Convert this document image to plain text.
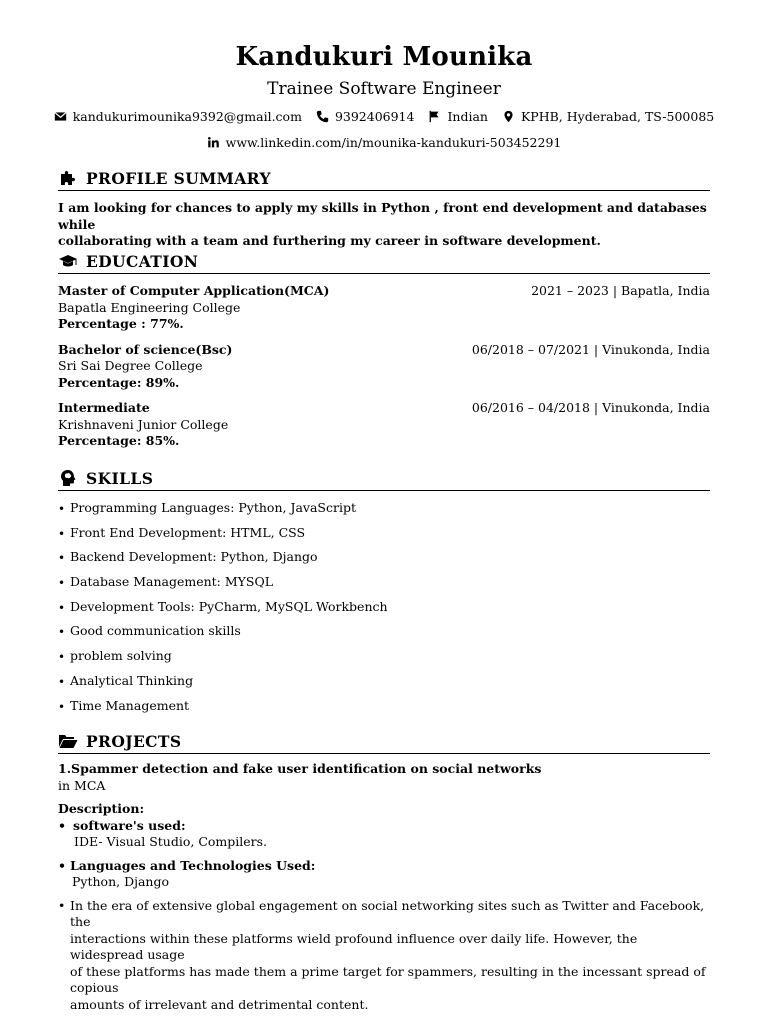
Kandukuri Mounika
Trainee Software Engineer
kandukurimounika9392@gmail.com	9392406914	Indian	KPHB, Hyderabad, TS-500085
www.linkedin.com/in/mounika-kandukuri-503452291
PROFILE SUMMARY
I am looking for chances to apply my skills in Python , front end development and databases while
collaborating with a team and furthering my career in software development.
EDUCATION
Master of Computer Application(MCA)	2021 – 2023 | Bapatla, India
Bapatla Engineering College
Percentage : 77%.
Bachelor of science(Bsc)	06/2018 – 07/2021 | Vinukonda, India
Sri Sai Degree College
Percentage: 89%.
Intermediate	06/2016 – 04/2018 | Vinukonda, India
Krishnaveni Junior College
Percentage: 85%.
SKILLS
• Programming Languages: Python, JavaScript
• Front End Development: HTML, CSS
• Backend Development: Python, Django
• Database Management: MYSQL
• Development Tools: PyCharm, MySQL Workbench
• Good communication skills
• problem solving
• Analytical Thinking
• Time Management
PROJECTS
1.Spammer detection and fake user identification on social networks
in MCA
Description:
• software's used:
IDE- Visual Studio, Compilers.
• Languages and Technologies Used:
Python, Django
• In the era of extensive global engagement on social networking sites such as Twitter and Facebook, the
interactions within these platforms wield profound influence over daily life. However, the widespread usage
of these platforms has made them a prime target for spammers, resulting in the incessant spread of copious
amounts of irrelevant and detrimental content.
